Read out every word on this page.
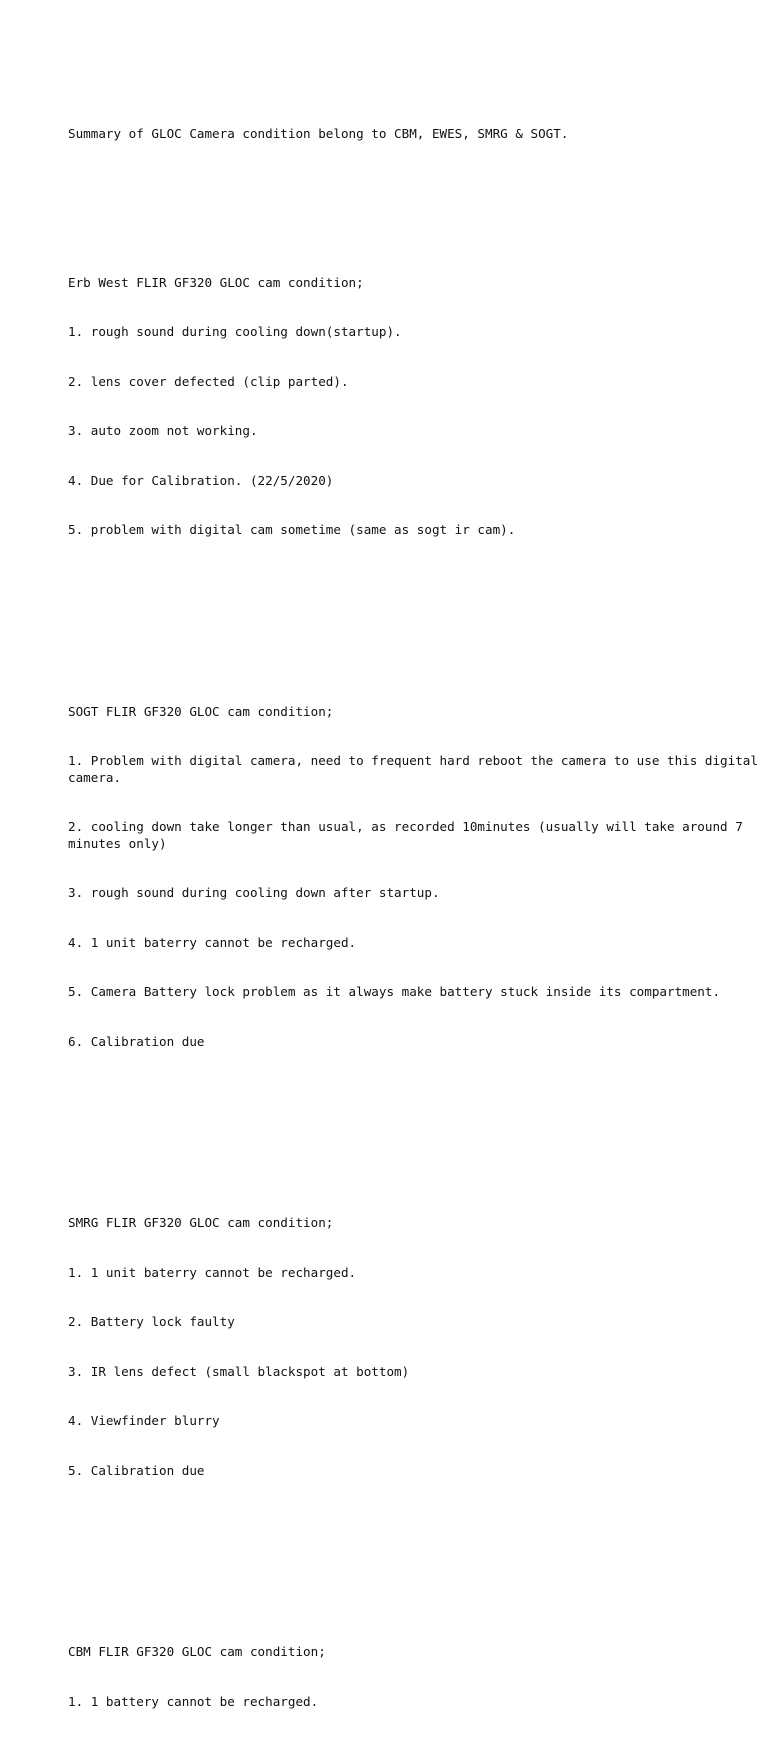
Summary of GLOC Camera condition belong to CBM, EWES, SMRG & SOGT.

Erb West FLIR GF320 GLOC cam condition;

1. rough sound during cooling down(startup).

2. lens cover defected (clip parted).

3. auto zoom not working.

4. Due for Calibration. (22/5/2020)

5. problem with digital cam sometime (same as sogt ir cam).

SOGT FLIR GF320 GLOC cam condition;

1. Problem with digital camera, need to frequent hard reboot the camera to use this digital camera.

2. cooling down take longer than usual, as recorded 10minutes (usually will take around 7 minutes only)

3. rough sound during cooling down after startup.

4. 1 unit baterry cannot be recharged.

5. Camera Battery lock problem as it always make battery stuck inside its compartment.

6. Calibration due

SMRG FLIR GF320 GLOC cam condition;

1. 1 unit baterry cannot be recharged.

2. Battery lock faulty

3. IR lens defect (small blackspot at bottom)

4. Viewfinder blurry

5. Calibration due

CBM FLIR GF320 GLOC cam condition;

1. 1 battery cannot be recharged.
